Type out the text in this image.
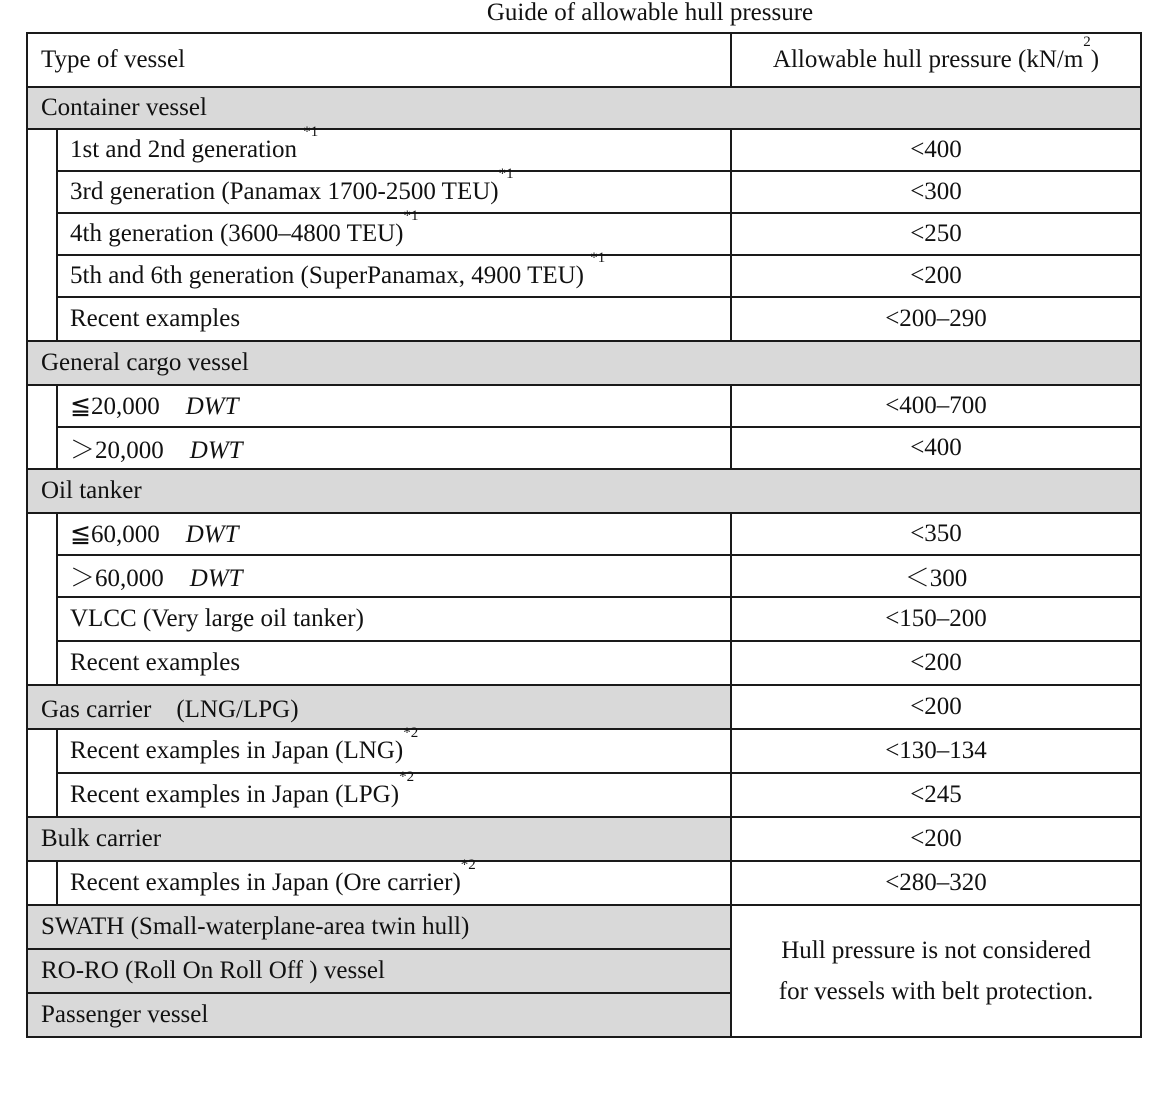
Guide of allowable hull pressure
Type of vessel		Allowable hull pressure $(kN/m^2)$
Container vessel		
	1st and 2nd generation $^{*1}$	<400
	3rd generation (Panamax 1700-2500 TEU)$^{*1}$	<300
	4th generation (3600–4800 TEU)$^{*1}$	<250
	5th and 6th generation (SuperPanamax, 4900 TEU) $^{*1}$	<200
	Recent examples	<200–290
General cargo vessel		
	≦20,000 DWT	<400–700
	＞20,000 DWT	<400
Oil tanker		
	≦60,000 DWT	<350
	＞60,000 DWT	＜300
	VLCC (Very large oil tanker)	<150–200
	Recent examples	<200
Gas carrier　(LNG/LPG)		<200
	Recent examples in Japan (LNG)$^{*2}$	<130–134
	Recent examples in Japan (LPG)$^{*2}$	<245
Bulk carrier		<200
	Recent examples in Japan (Ore carrier)$^{*2}$	<280–320
SWATH (Small-waterplane-area twin hull)		Hull pressure is not considered
for vessels with belt protection.
RO-RO (Roll On Roll Off ) vessel		
Passenger vessel		
